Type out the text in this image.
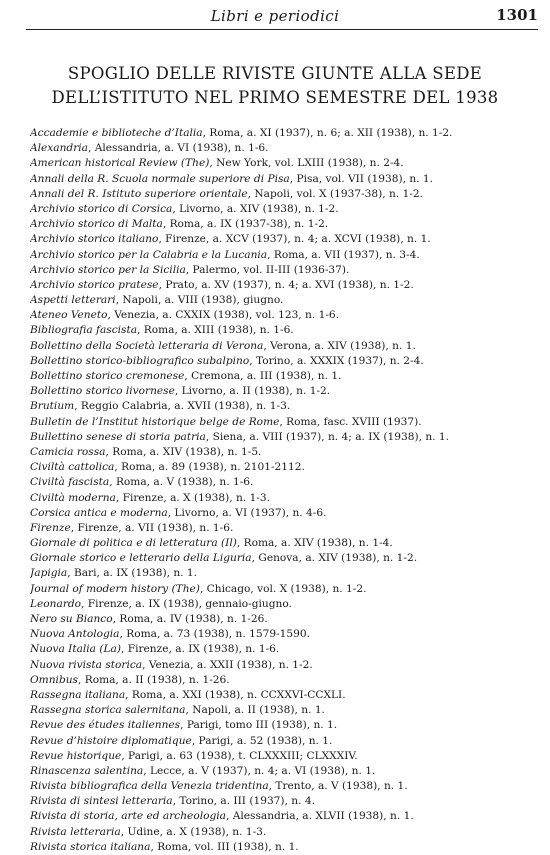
Libri e periodici	1301
SPOGLIO DELLE RIVISTE GIUNTE ALLA SEDE
DELL’ISTITUTO NEL PRIMO SEMESTRE DEL 1938
Accademie e biblioteche d’Italia, Roma, a. XI (1937), n. 6; a. XII (1938), n. 1-2.
Alexandria, Alessandria, a. VI (1938), n. 1-6.
American historical Review (The), New York, vol. LXIII (1938), n. 2-4.
Annali della R. Scuola normale superiore di Pisa, Pisa, vol. VII (1938), n. 1.
Annali del R. Istituto superiore orientale, Napoli, vol. X (1937-38), n. 1-2.
Archivio storico di Corsica, Livorno, a. XIV (1938), n. 1-2.
Archivio storico di Malta, Roma, a. IX (1937-38), n. 1-2.
Archivio storico italiano, Firenze, a. XCV (1937), n. 4; a. XCVI (1938), n. 1.
Archivio storico per la Calabria e la Lucania, Roma, a. VII (1937), n. 3-4.
Archivio storico per la Sicilia, Palermo, vol. II-III (1936-37).
Archivio storico pratese, Prato, a. XV (1937), n. 4; a. XVI (1938), n. 1-2.
Aspetti letterari, Napoli, a. VIII (1938), giugno.
Ateneo Veneto, Venezia, a. CXXIX (1938), vol. 123, n. 1-6.
Bibliografia fascista, Roma, a. XIII (1938), n. 1-6.
Bollettino della Società letteraria di Verona, Verona, a. XIV (1938), n. 1.
Bollettino storico-bibliografico subalpino, Torino, a. XXXIX (1937), n. 2-4.
Bollettino storico cremonese, Cremona, a. III (1938), n. 1.
Bollettino storico livornese, Livorno, a. II (1938), n. 1-2.
Brutium, Reggio Calabria, a. XVII (1938), n. 1-3.
Bulletin de l’Institut historique belge de Rome, Roma, fasc. XVIII (1937).
Bullettino senese di storia patria, Siena, a. VIII (1937), n. 4; a. IX (1938), n. 1.
Camicia rossa, Roma, a. XIV (1938), n. 1-5.
Civiltà cattolica, Roma, a. 89 (1938), n. 2101-2112.
Civiltà fascista, Roma, a. V (1938), n. 1-6.
Civiltà moderna, Firenze, a. X (1938), n. 1-3.
Corsica antica e moderna, Livorno, a. VI (1937), n. 4-6.
Firenze, Firenze, a. VII (1938), n. 1-6.
Giornale di politica e di letteratura (Il), Roma, a. XIV (1938), n. 1-4.
Giornale storico e letterario della Liguria, Genova, a. XIV (1938), n. 1-2.
Japigia, Bari, a. IX (1938), n. 1.
Journal of modern history (The), Chicago, vol. X (1938), n. 1-2.
Leonardo, Firenze, a. IX (1938), gennaio-giugno.
Nero su Bianco, Roma, a. IV (1938), n. 1-26.
Nuova Antologia, Roma, a. 73 (1938), n. 1579-1590.
Nuova Italia (La), Firenze, a. IX (1938), n. 1-6.
Nuova rivista storica, Venezia, a. XXII (1938), n. 1-2.
Omnibus, Roma, a. II (1938), n. 1-26.
Rassegna italiana, Roma, a. XXI (1938), n. CCXXVI-CCXLI.
Rassegna storica salernitana, Napoli, a. II (1938), n. 1.
Revue des études italiennes, Parigi, tomo III (1938), n. 1.
Revue d’histoire diplomatique, Parigi, a. 52 (1938), n. 1.
Revue historique, Parigi, a. 63 (1938), t. CLXXXIII; CLXXXIV.
Rinascenza salentina, Lecce, a. V (1937), n. 4; a. VI (1938), n. 1.
Rivista bibliografica della Venezia tridentina, Trento, a. V (1938), n. 1.
Rivista di sintesi letteraria, Torino, a. III (1937), n. 4.
Rivista di storia, arte ed archeologia, Alessandria, a. XLVII (1938), n. 1.
Rivista letteraria, Udine, a. X (1938), n. 1-3.
Rivista storica italiana, Roma, vol. III (1938), n. 1.
